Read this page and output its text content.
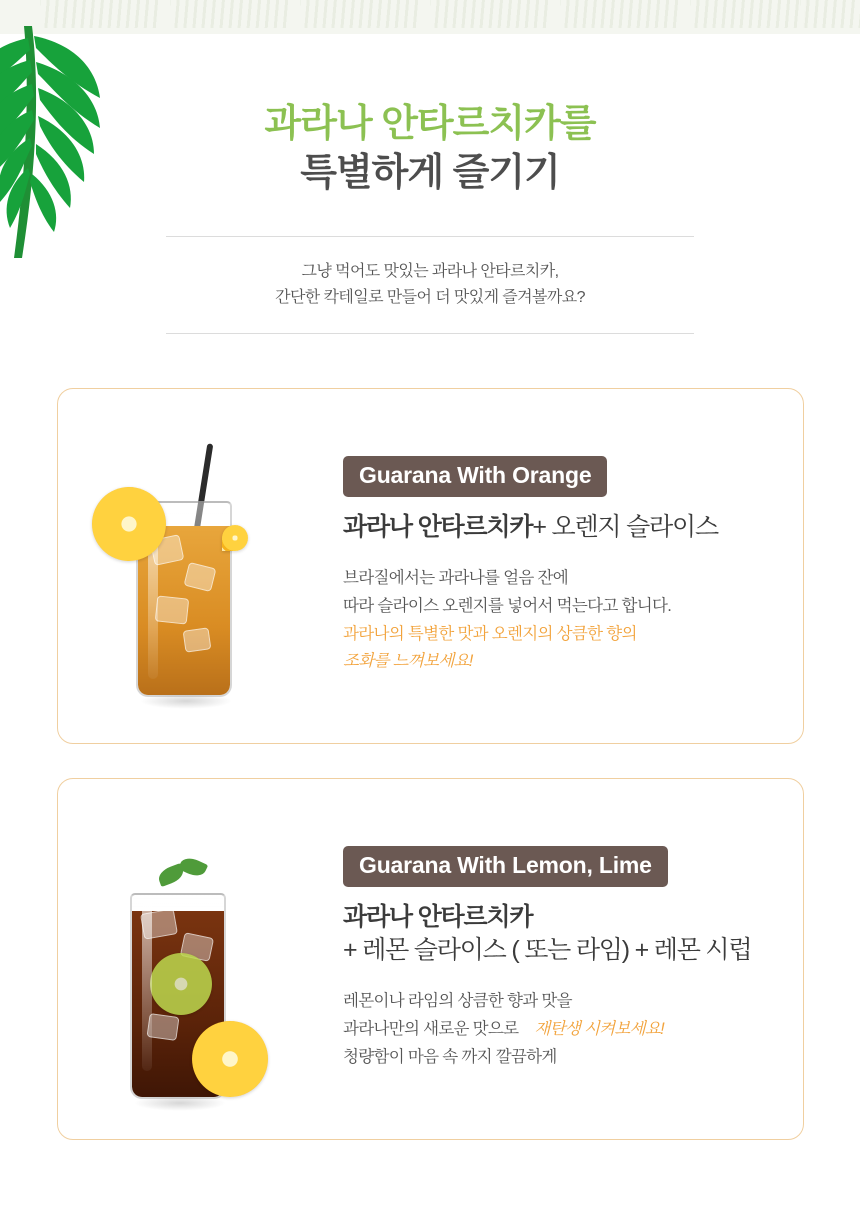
과라나 안타르치카를
특별하게 즐기기

그냥 먹어도 맛있는 과라나 안타르치카,

간단한 칵테일로 만들어 더 맛있게 즐겨볼까요?

Guarana With Orange
과라나 안타르치카+ 오렌지 슬라이스

브라질에서는 과라나를 얼음 잔에
따라 슬라이스 오렌지를 넣어서 먹는다고 합니다.
과라나의 특별한 맛과 오렌지의 상큼한 향의
조화를 느껴보세요!

Guarana With Lemon, Lime
과라나 안타르치카
+ 레몬 슬라이스 ( 또는 라임) + 레몬 시럽

레몬이나 라임의 상큼한 향과 맛을
과라나만의 새로운 맛으로ㅤ재탄생 시켜보세요!
청량함이 마음 속 까지 깔끔하게
